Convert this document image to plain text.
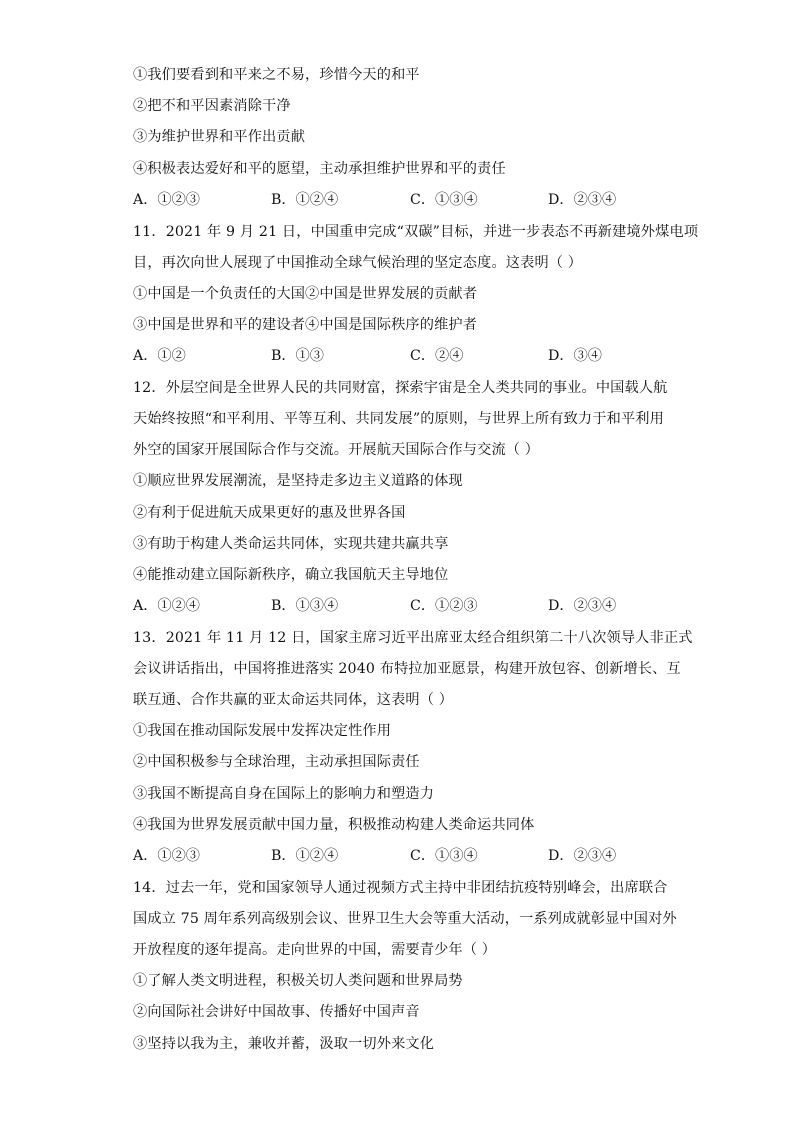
①我们要看到和平来之不易，珍惜今天的和平
②把不和平因素消除干净
③为维护世界和平作出贡献
④积极表达爱好和平的愿望，主动承担维护世界和平的责任
A．①②③	B．①②④	C．①③④	D．②③④
11．2021 年 9 月 21 日，中国重申完成“双碳”目标，并进一步表态不再新建境外煤电项
目，再次向世人展现了中国推动全球气候治理的坚定态度。这表明（ ）
①中国是一个负责任的大国②中国是世界发展的贡献者
③中国是世界和平的建设者④中国是国际秩序的维护者
A．①②	B．①③	C．②④	D．③④
12．外层空间是全世界人民的共同财富，探索宇宙是全人类共同的事业。中国载人航
天始终按照“和平利用、平等互利、共同发展”的原则，与世界上所有致力于和平利用
外空的国家开展国际合作与交流。开展航天国际合作与交流（ ）
①顺应世界发展潮流，是坚持走多边主义道路的体现
②有利于促进航天成果更好的惠及世界各国
③有助于构建人类命运共同体，实现共建共赢共享
④能推动建立国际新秩序，确立我国航天主导地位
A．①②④	B．①③④	C．①②③	D．②③④
13．2021 年 11 月 12 日，国家主席习近平出席亚太经合组织第二十八次领导人非正式
会议讲话指出，中国将推进落实 2040 布特拉加亚愿景，构建开放包容、创新增长、互
联互通、合作共赢的亚太命运共同体，这表明（ ）
①我国在推动国际发展中发挥决定性作用
②中国积极参与全球治理，主动承担国际责任
③我国不断提高自身在国际上的影响力和塑造力
④我国为世界发展贡献中国力量，积极推动构建人类命运共同体
A．①②③	B．①②④	C．①③④	D．②③④
14．过去一年，党和国家领导人通过视频方式主持中非团结抗疫特别峰会，出席联合
国成立 75 周年系列高级别会议、世界卫生大会等重大活动，一系列成就彰显中国对外
开放程度的逐年提高。走向世界的中国，需要青少年（ ）
①了解人类文明进程，积极关切人类问题和世界局势
②向国际社会讲好中国故事、传播好中国声音
③坚持以我为主，兼收并蓄，汲取一切外来文化
